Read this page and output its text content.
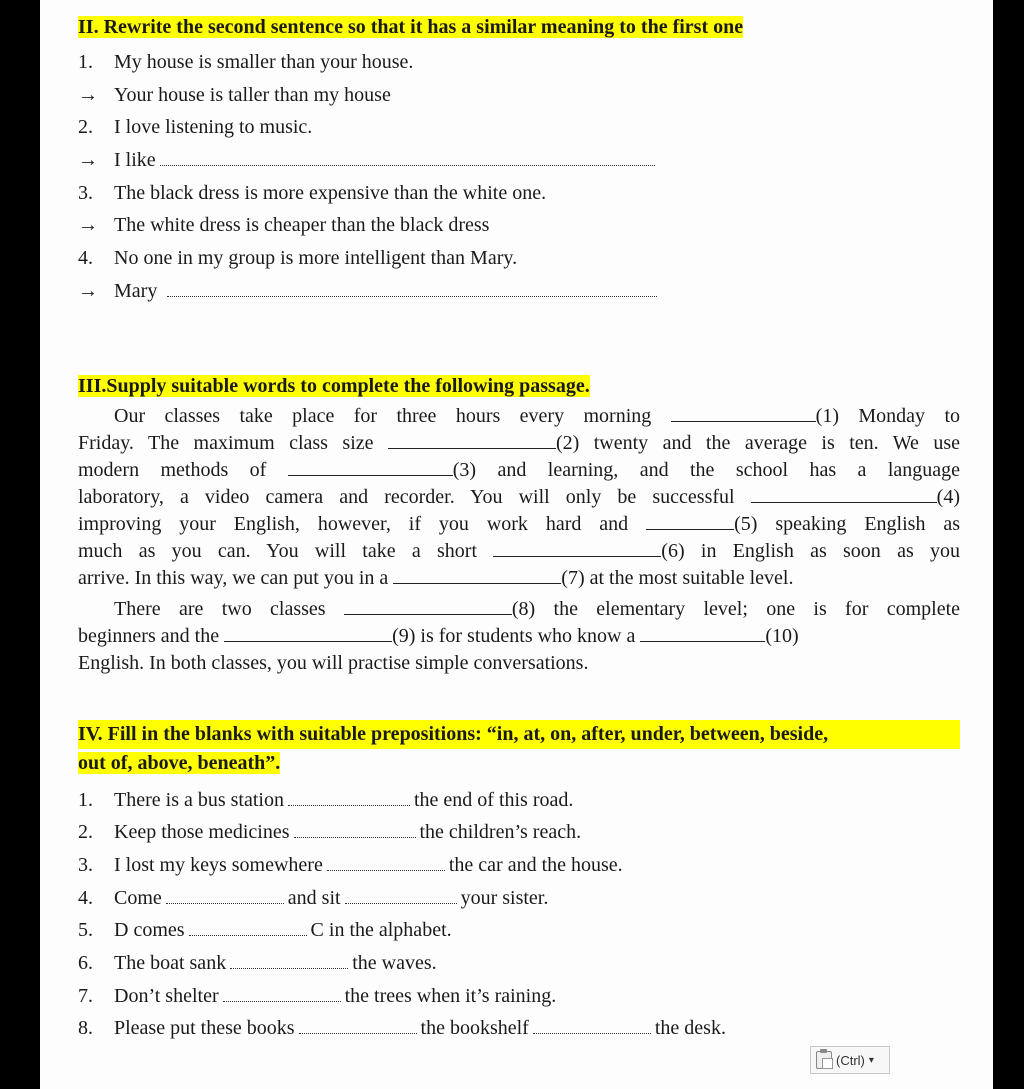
II. Rewrite the second sentence so that it has a similar meaning to the first one

1. My house is smaller than your house.
→ Your house is taller than my house
2. I love listening to music.
→ I like
3. The black dress is more expensive than the white one.
→ The white dress is cheaper than the black dress
4. No one in my group is more intelligent than Mary.
→ Mary

III.Supply suitable words to complete the following passage.

Our classes take place for three hours every morning	(1) Monday to
Friday. The maximum class size	(2) twenty and the average is ten. We use
modern methods of	(3) and learning, and the school has a language
laboratory, a video camera and recorder. You will only be successful	(4)
improving your English, however, if you work hard and	(5) speaking English as
much as you can. You will take a short	(6) in English as soon as you
arrive. In this way, we can put you in a	(7) at the most suitable level.
There are two classes	(8) the elementary level; one is for complete
beginners and the	(9) is for students who know a	(10)
English. In both classes, you will practise simple conversations.
IV. Fill in the blanks with suitable prepositions: “in, at, on, after, under, between, beside,
out of, above, beneath”.
1. There is a bus station	the end of this road.
2. Keep those medicines	the children’s reach.
3. I lost my keys somewhere	the car and the house.
4. Come	and sit	your sister.
5. D comes	C in the alphabet.
6. The boat sank	the waves.
7. Don’t shelter	the trees when it’s raining.
8. Please put these books	the bookshelf	the desk.
(Ctrl) ▾
